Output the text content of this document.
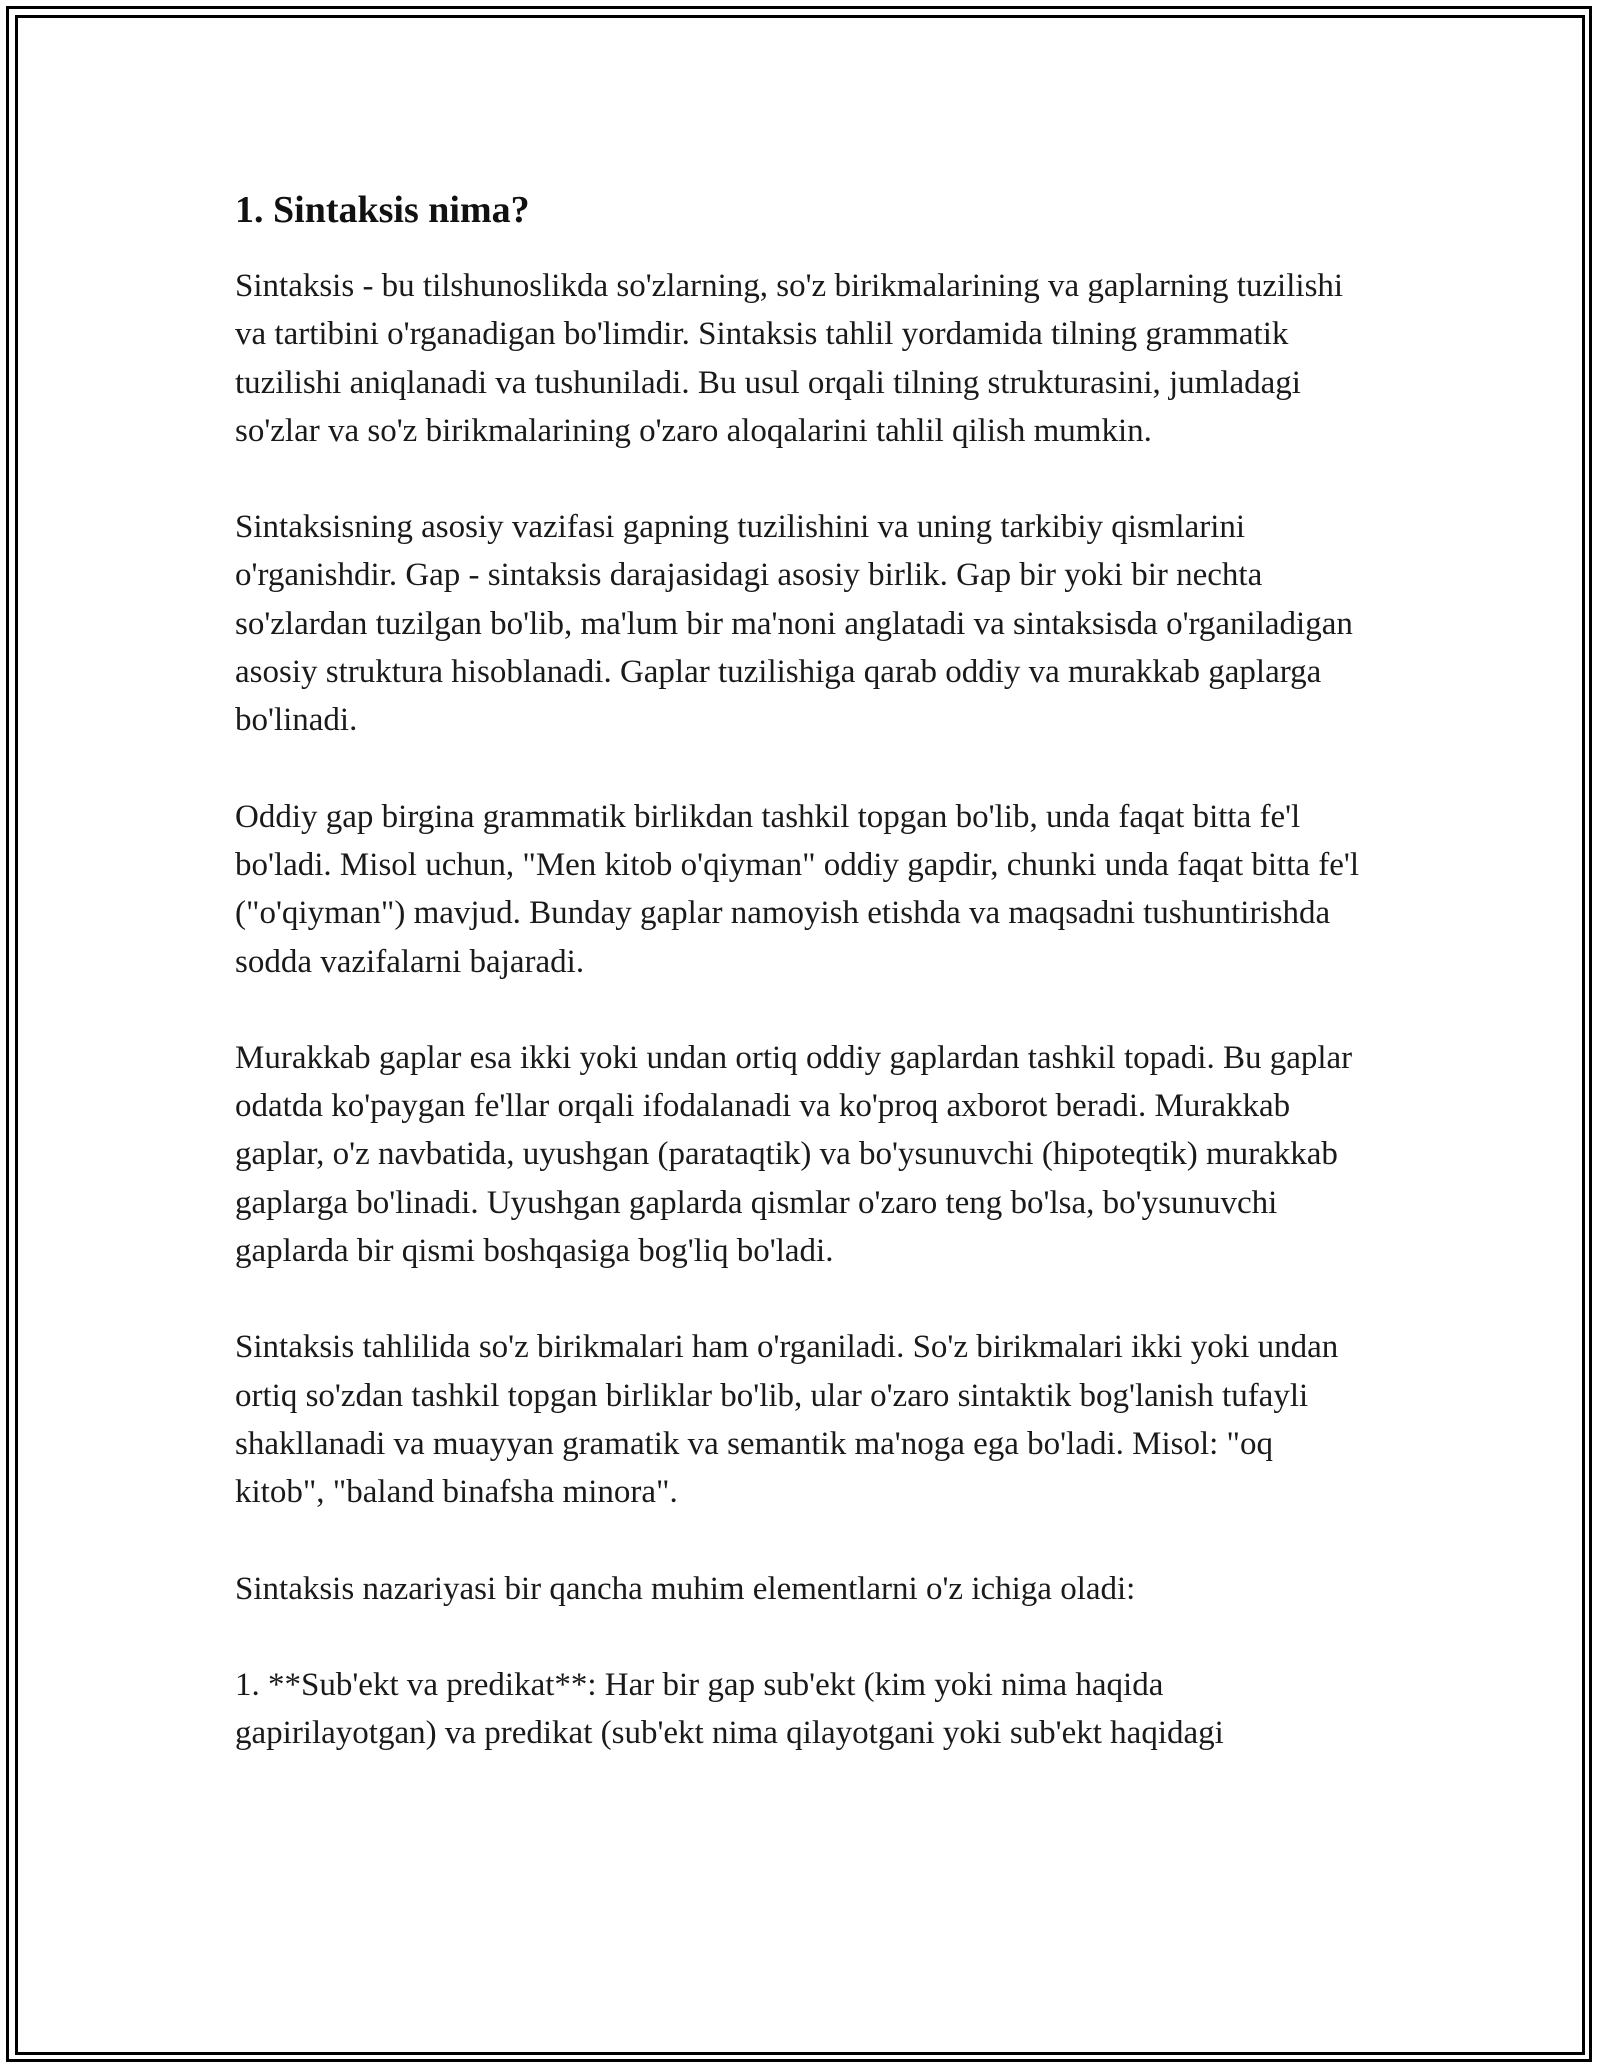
1. Sintaksis nima?

Sintaksis - bu tilshunoslikda so'zlarning, so'z birikmalarining va gaplarning tuzilishi va tartibini o'rganadigan bo'limdir. Sintaksis tahlil yordamida tilning grammatik tuzilishi aniqlanadi va tushuniladi. Bu usul orqali tilning strukturasini, jumladagi so'zlar va so'z birikmalarining o'zaro aloqalarini tahlil qilish mumkin.

Sintaksisning asosiy vazifasi gapning tuzilishini va uning tarkibiy qismlarini o'rganishdir. Gap - sintaksis darajasidagi asosiy birlik. Gap bir yoki bir nechta so'zlardan tuzilgan bo'lib, ma'lum bir ma'noni anglatadi va sintaksisda o'rganiladigan asosiy struktura hisoblanadi. Gaplar tuzilishiga qarab oddiy va murakkab gaplarga bo'linadi.

Oddiy gap birgina grammatik birlikdan tashkil topgan bo'lib, unda faqat bitta fe'l bo'ladi. Misol uchun, "Men kitob o'qiyman" oddiy gapdir, chunki unda faqat bitta fe'l ("o'qiyman") mavjud. Bunday gaplar namoyish etishda va maqsadni tushuntirishda sodda vazifalarni bajaradi.

Murakkab gaplar esa ikki yoki undan ortiq oddiy gaplardan tashkil topadi. Bu gaplar odatda ko'paygan fe'llar orqali ifodalanadi va ko'proq axborot beradi. Murakkab gaplar, o'z navbatida, uyushgan (parataqtik) va bo'ysunuvchi (hipoteqtik) murakkab gaplarga bo'linadi. Uyushgan gaplarda qismlar o'zaro teng bo'lsa, bo'ysunuvchi gaplarda bir qismi boshqasiga bog'liq bo'ladi.

Sintaksis tahlilida so'z birikmalari ham o'rganiladi. So'z birikmalari ikki yoki undan ortiq so'zdan tashkil topgan birliklar bo'lib, ular o'zaro sintaktik bog'lanish tufayli shakllanadi va muayyan gramatik va semantik ma'noga ega bo'ladi. Misol: "oq kitob", "baland binafsha minora".

Sintaksis nazariyasi bir qancha muhim elementlarni o'z ichiga oladi:

1. **Sub'ekt va predikat**: Har bir gap sub'ekt (kim yoki nima haqida gapirilayotgan) va predikat (sub'ekt nima qilayotgani yoki sub'ekt haqidagi
